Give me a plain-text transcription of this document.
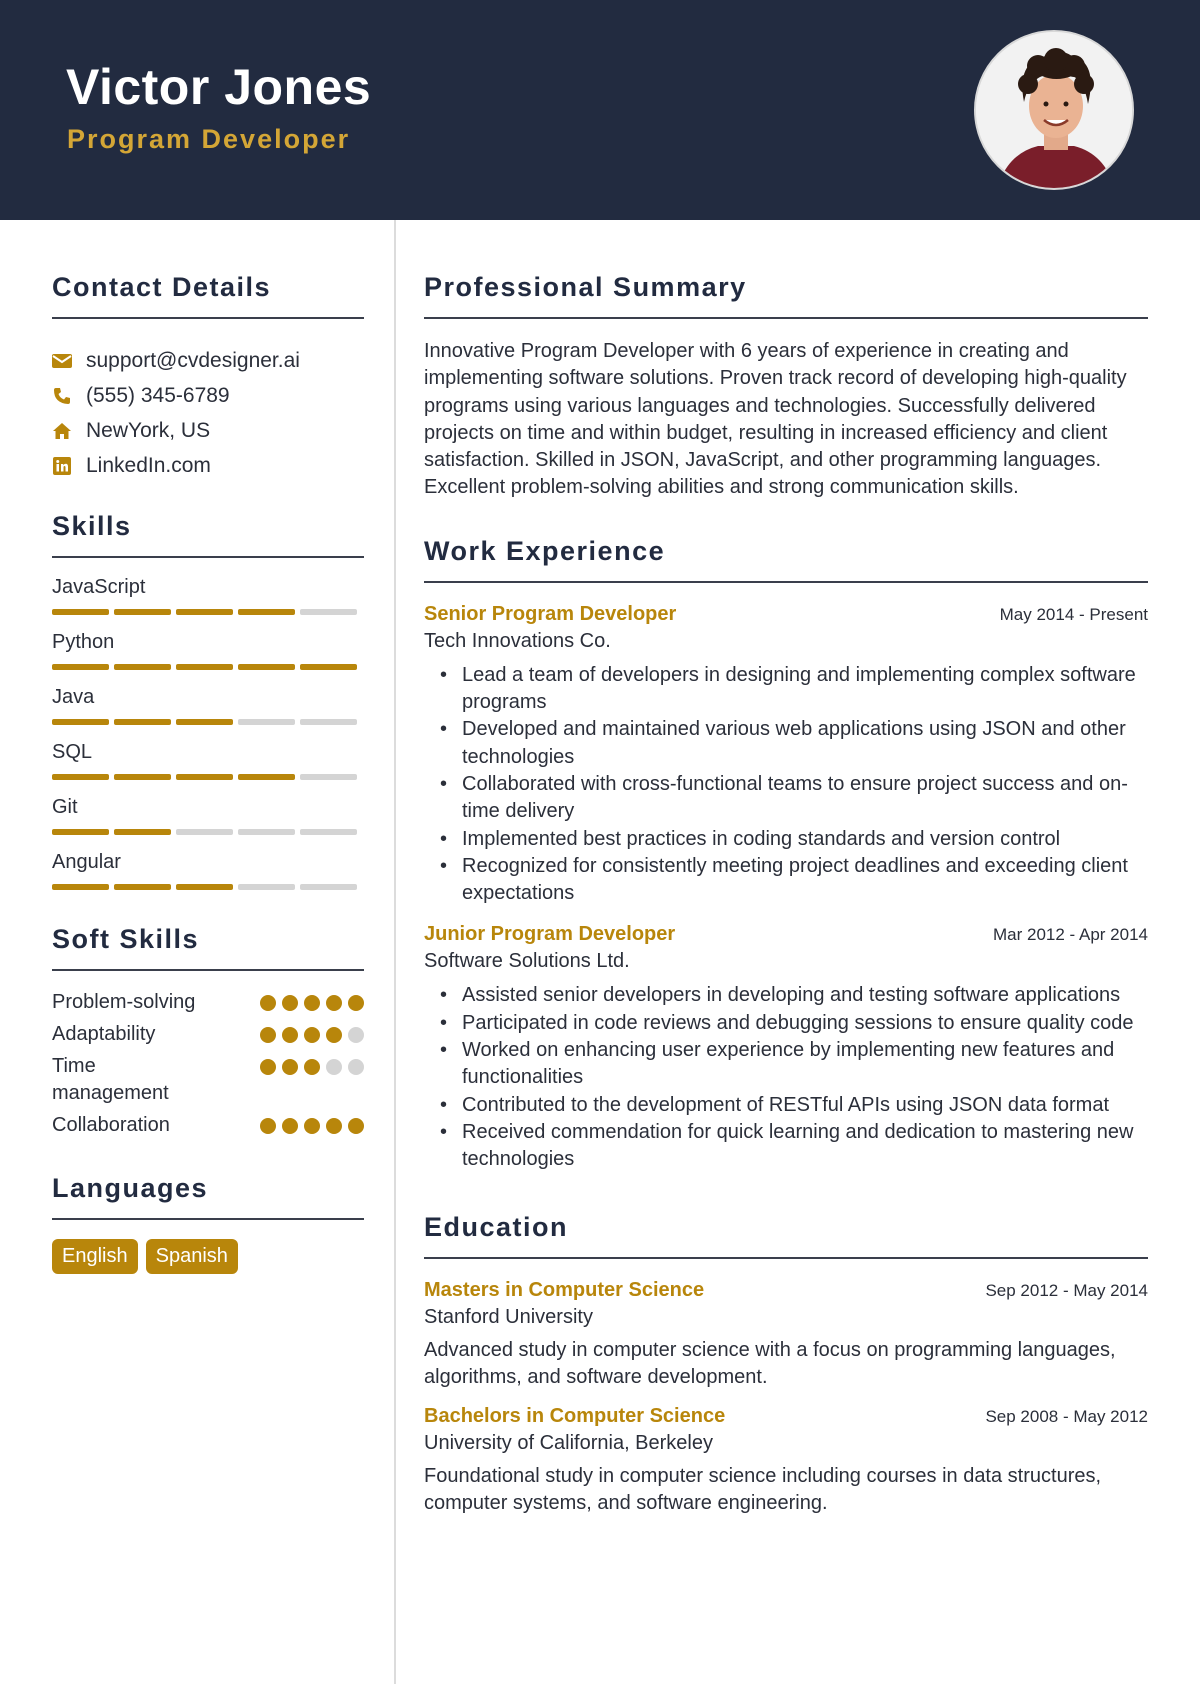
Victor Jones
Program Developer
Contact Details
support@cvdesigner.ai
(555) 345-6789
NewYork, US
LinkedIn.com
Skills
JavaScript
Python
Java
SQL
Git
Angular
Soft Skills
Problem-solving
Adaptability
Time management
Collaboration
Languages
English	Spanish
Professional Summary

Innovative Program Developer with 6 years of experience in creating and implementing software solutions. Proven track record of developing high-quality programs using various languages and technologies. Successfully delivered projects on time and within budget, resulting in increased efficiency and client satisfaction. Skilled in JSON, JavaScript, and other programming languages. Excellent problem-solving abilities and strong communication skills.

Work Experience
Senior Program Developer	May 2014 - Present
Tech Innovations Co.
• Lead a team of developers in designing and implementing complex software programs
• Developed and maintained various web applications using JSON and other technologies
• Collaborated with cross-functional teams to ensure project success and on-time delivery
• Implemented best practices in coding standards and version control
• Recognized for consistently meeting project deadlines and exceeding client expectations
Junior Program Developer	Mar 2012 - Apr 2014
Software Solutions Ltd.
• Assisted senior developers in developing and testing software applications
• Participated in code reviews and debugging sessions to ensure quality code
• Worked on enhancing user experience by implementing new features and functionalities
• Contributed to the development of RESTful APIs using JSON data format
• Received commendation for quick learning and dedication to mastering new technologies
Education
Masters in Computer Science	Sep 2012 - May 2014
Stanford University

Advanced study in computer science with a focus on programming languages, algorithms, and software development.

Bachelors in Computer Science	Sep 2008 - May 2012
University of California, Berkeley

Foundational study in computer science including courses in data structures, computer systems, and software engineering.
